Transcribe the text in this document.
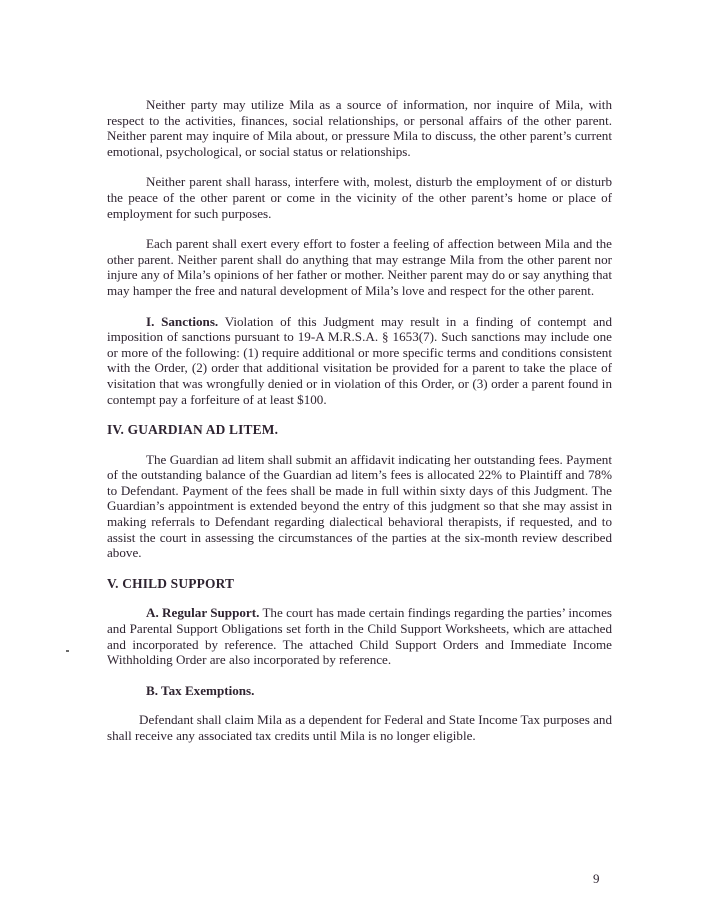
Neither party may utilize Mila as a source of information, nor inquire of Mila, with respect to the activities, finances, social relationships, or personal affairs of the other parent. Neither parent may inquire of Mila about, or pressure Mila to discuss, the other parent’s current emotional, psychological, or social status or relationships.

Neither parent shall harass, interfere with, molest, disturb the employment of or disturb the peace of the other parent or come in the vicinity of the other parent’s home or place of employment for such purposes.

Each parent shall exert every effort to foster a feeling of affection between Mila and the other parent. Neither parent shall do anything that may estrange Mila from the other parent nor injure any of Mila’s opinions of her father or mother. Neither parent may do or say anything that may hamper the free and natural development of Mila’s love and respect for the other parent.

I. Sanctions. Violation of this Judgment may result in a finding of contempt and imposition of sanctions pursuant to 19-A M.R.S.A. § 1653(7). Such sanctions may include one or more of the following: (1) require additional or more specific terms and conditions consistent with the Order, (2) order that additional visitation be provided for a parent to take the place of visitation that was wrongfully denied or in violation of this Order, or (3) order a parent found in contempt pay a forfeiture of at least $100.

IV. GUARDIAN AD LITEM.

The Guardian ad litem shall submit an affidavit indicating her outstanding fees. Payment of the outstanding balance of the Guardian ad litem’s fees is allocated 22% to Plaintiff and 78% to Defendant. Payment of the fees shall be made in full within sixty days of this Judgment. The Guardian’s appointment is extended beyond the entry of this judgment so that she may assist in making referrals to Defendant regarding dialectical behavioral therapists, if requested, and to assist the court in assessing the circumstances of the parties at the six-month review described above.

V. CHILD SUPPORT

A. Regular Support. The court has made certain findings regarding the parties’ incomes and Parental Support Obligations set forth in the Child Support Worksheets, which are attached and incorporated by reference. The attached Child Support Orders and Immediate Income Withholding Order are also incorporated by reference.

B. Tax Exemptions.

Defendant shall claim Mila as a dependent for Federal and State Income Tax purposes and shall receive any associated tax credits until Mila is no longer eligible.

9
